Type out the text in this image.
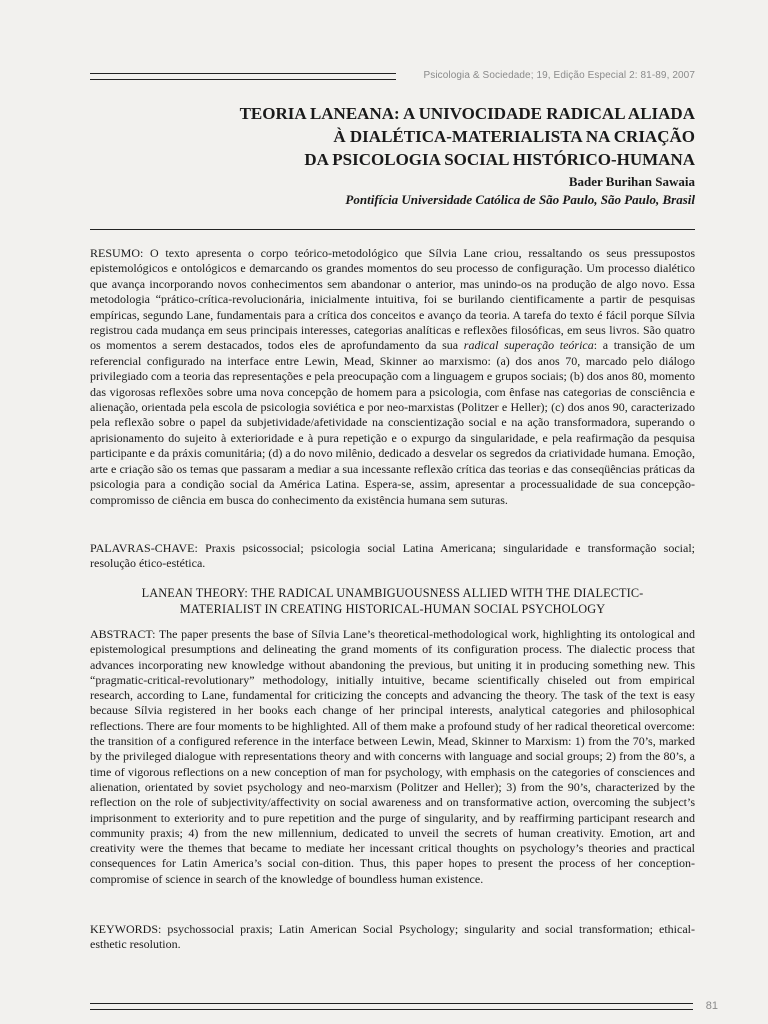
Psicologia & Sociedade; 19, Edição Especial 2: 81-89, 2007
TEORIA LANEANA: A UNIVOCIDADE RADICAL ALIADA
À DIALÉTICA-MATERIALISTA NA CRIAÇÃO
DA PSICOLOGIA SOCIAL HISTÓRICO-HUMANA
Bader Burihan Sawaia
Pontifícia Universidade Católica de São Paulo, São Paulo, Brasil
RESUMO: O texto apresenta o corpo teórico-metodológico que Sílvia Lane criou, ressaltando os seus pressupostos epistemológicos e ontológicos e demarcando os grandes momentos do seu processo de configuração. Um processo dialético que avança incorporando novos conhecimentos sem abandonar o anterior, mas unindo-os na produção de algo novo. Essa metodologia “prático-crítica-revolucionária, inicialmente intuitiva, foi se burilando cientificamente a partir de pesquisas empíricas, segundo Lane, fundamentais para a crítica dos conceitos e avanço da teoria. A tarefa do texto é fácil porque Sílvia registrou cada mudança em seus principais interesses, categorias analíticas e reflexões filosóficas, em seus livros. São quatro os momentos a serem destacados, todos eles de aprofundamento da sua radical superação teórica: a transição de um referencial configurado na interface entre Lewin, Mead, Skinner ao marxismo: (a) dos anos 70, marcado pelo diálogo privilegiado com a teoria das representações e pela preocupação com a linguagem e grupos sociais; (b) dos anos 80, momento das vigorosas reflexões sobre uma nova concepção de homem para a psicologia, com ênfase nas categorias de consciência e alienação, orientada pela escola de psicologia soviética e por neo-marxistas (Politzer e Heller); (c) dos anos 90, caracterizado pela reflexão sobre o papel da subjetividade/afetividade na conscientização social e na ação transformadora, superando o aprisionamento do sujeito à exterioridade e à pura repetição e o expurgo da singularidade, e pela reafirmação da pesquisa participante e da práxis comunitária; (d) a do novo milênio, dedicado a desvelar os segredos da criatividade humana. Emoção, arte e criação são os temas que passaram a mediar a sua incessante reflexão crítica das teorias e das conseqüências práticas da psicologia para a condição social da América Latina. Espera-se, assim, apresentar a processualidade de sua concepção-compromisso de ciência em busca do conhecimento da existência humana sem suturas.
PALAVRAS-CHAVE: Praxis psicossocial; psicologia social Latina Americana; singularidade e transformação social; resolução ético-estética.
LANEAN THEORY: THE RADICAL UNAMBIGUOUSNESS ALLIED WITH THE DIALECTIC-
MATERIALIST IN CREATING HISTORICAL-HUMAN SOCIAL PSYCHOLOGY
ABSTRACT: The paper presents the base of Sílvia Lane’s theoretical-methodological work, highlighting its ontological and epistemological presumptions and delineating the grand moments of its configuration process. The dialectic process that advances incorporating new knowledge without abandoning the previous, but uniting it in producing something new. This “pragmatic-critical-revolutionary” methodology, initially intuitive, became scientifically chiseled out from empirical research, according to Lane, fundamental for criticizing the concepts and advancing the theory. The task of the text is easy because Sílvia registered in her books each change of her principal interests, analytical categories and philosophical reflections. There are four moments to be highlighted. All of them make a profound study of her radical theoretical overcome: the transition of a configured reference in the interface between Lewin, Mead, Skinner to Marxism: 1) from the 70’s, marked by the privileged dialogue with representations theory and with concerns with language and social groups; 2) from the 80’s, a time of vigorous reflections on a new conception of man for psychology, with emphasis on the categories of consciences and alienation, orientated by soviet psychology and neo-marxism (Politzer and Heller); 3) from the 90’s, characterized by the reflection on the role of subjectivity/affectivity on social awareness and on transformative action, overcoming the subject’s imprisonment to exteriority and to pure repetition and the purge of singularity, and by reaffirming participant research and community praxis; 4) from the new millennium, dedicated to unveil the secrets of human creativity. Emotion, art and creativity were the themes that became to mediate her incessant critical thoughts on psychology’s theories and practical consequences for Latin America’s social con-dition. Thus, this paper hopes to present the process of her conception-compromise of science in search of the knowledge of boundless human existence.
KEYWORDS: psychossocial praxis; Latin American Social Psychology; singularity and social transformation; ethical-esthetic resolution.
81
